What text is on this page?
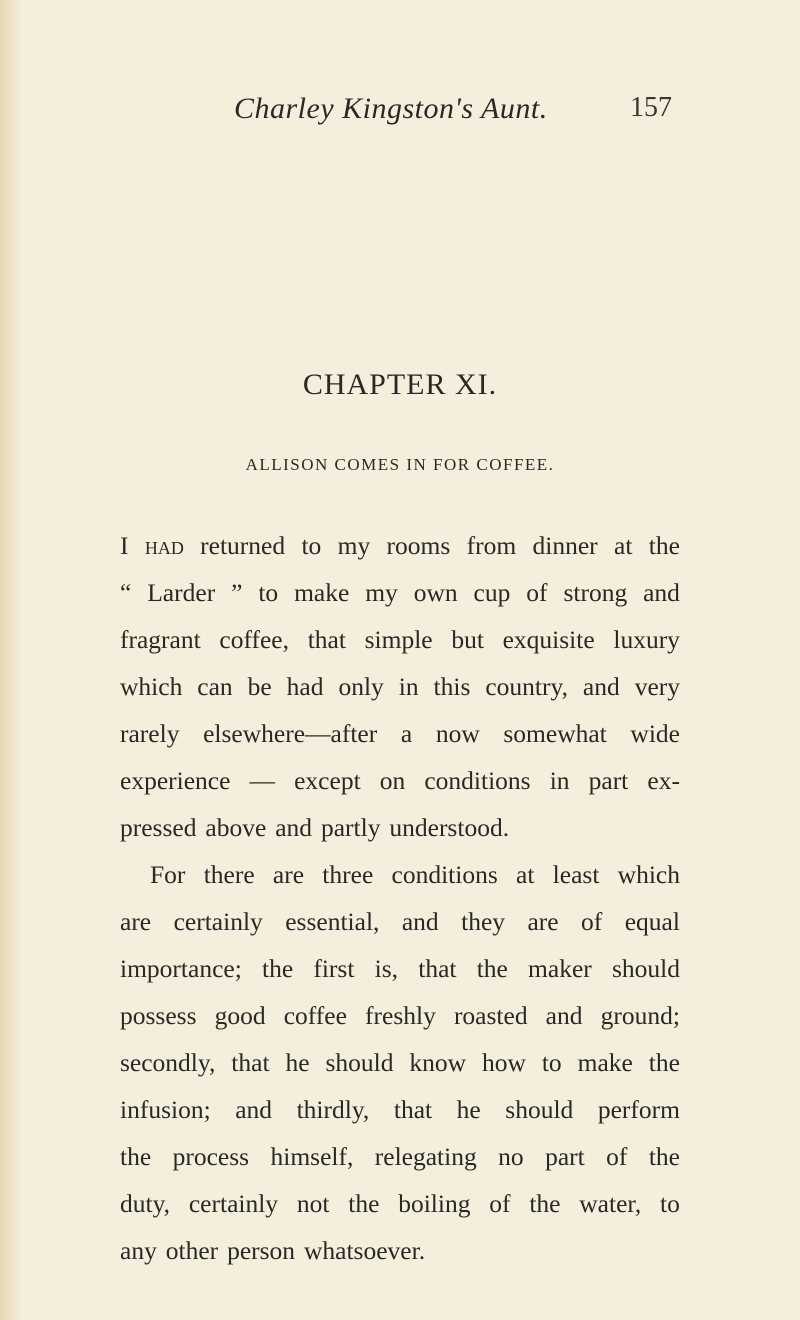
Charley Kingston's Aunt.	157
CHAPTER XI.
ALLISON COMES IN FOR COFFEE.
I had returned to my rooms from dinner at the
“ Larder ” to make my own cup of strong and
fragrant coffee, that simple but exquisite luxury
which can be had only in this country, and very
rarely elsewhere—after a now somewhat wide
experience — except on conditions in part ex-
pressed above and partly understood.
For there are three conditions at least which
are certainly essential, and they are of equal
importance; the first is, that the maker should
possess good coffee freshly roasted and ground;
secondly, that he should know how to make the
infusion; and thirdly, that he should perform
the process himself, relegating no part of the
duty, certainly not the boiling of the water, to
any other person whatsoever.
